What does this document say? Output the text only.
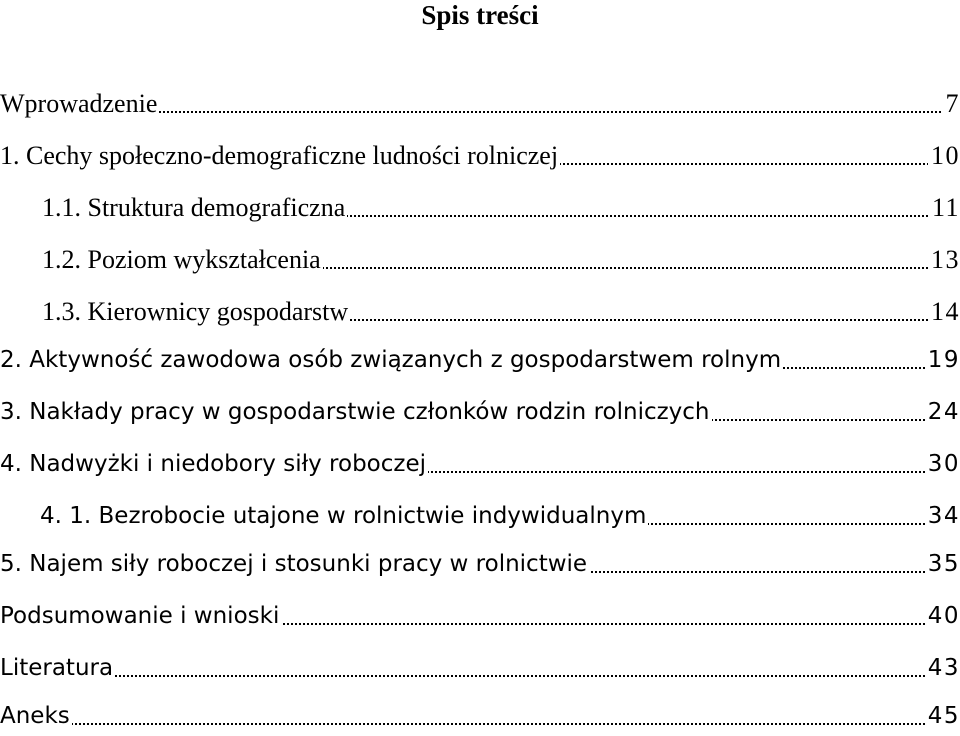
Spis treści
Wprowadzenie	7
1. Cechy społeczno-demograficzne ludności rolniczej	10
1.1. Struktura demograficzna	11
1.2. Poziom wykształcenia	13
1.3. Kierownicy gospodarstw	14
2. Aktywność zawodowa osób związanych z gospodarstwem rolnym	19
3. Nakłady pracy w gospodarstwie członków rodzin rolniczych	24
4. Nadwyżki i niedobory siły roboczej	30
4. 1. Bezrobocie utajone w rolnictwie indywidualnym	34
5. Najem siły roboczej i stosunki pracy w rolnictwie	35
Podsumowanie i wnioski	40
Literatura	43
Aneks	45
